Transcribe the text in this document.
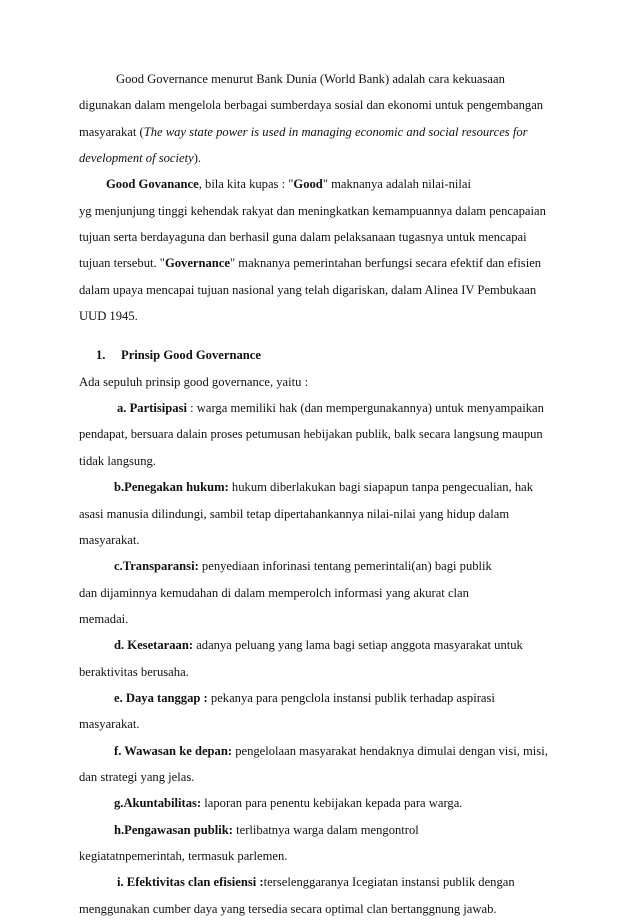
Good Governance menurut Bank Dunia (World Bank) adalah cara kekuasaan
digunakan dalam mengelola berbagai sumberdaya sosial dan ekonomi untuk pengembangan
masyarakat (The way state power is used in managing economic and social resources for
development of society).
Good Govanance, bila kita kupas : "Good" maknanya adalah nilai-nilai
yg menjunjung tinggi kehendak rakyat dan meningkatkan kemampuannya dalam pencapaian
tujuan serta berdayaguna dan berhasil guna dalam pelaksanaan tugasnya untuk mencapai
tujuan tersebut. "Governance" maknanya pemerintahan berfungsi secara efektif dan efisien
dalam upaya mencapai tujuan nasional yang telah digariskan, dalam Alinea IV Pembukaan
UUD 1945.
1. Prinsip Good Governance
Ada sepuluh prinsip good governance, yaitu :
a. Partisipasi : warga memiliki hak (dan mempergunakannya) untuk menyampaikan
pendapat, bersuara dalain proses petumusan hebijakan publik, balk secara langsung maupun
tidak langsung.
b.Penegakan hukum: hukum diberlakukan bagi siapapun tanpa pengecualian, hak
asasi manusia dilindungi, sambil tetap dipertahankannya nilai-nilai yang hidup dalam
masyarakat.
c.Transparansi: penyediaan inforinasi tentang pemerintali(an) bagi publik
dan dijaminnya kemudahan di dalam memperolch informasi yang akurat clan
memadai.
d. Kesetaraan: adanya peluang yang lama bagi setiap anggota masyarakat untuk
beraktivitas berusaha.
e. Daya tanggap : pekanya para pengclola instansi publik terhadap aspirasi
masyarakat.
f. Wawasan ke depan: pengelolaan masyarakat hendaknya dimulai dengan visi, misi,
dan strategi yang jelas.
g.Akuntabilitas: laporan para penentu kebijakan kepada para warga.
h.Pengawasan publik: terlibatnya warga dalam mengontrol
kegiatatnpemerintah, termasuk parlemen.
i. Efektivitas clan efisiensi :terselenggaranya Icegiatan instansi publik dengan
menggunakan cumber daya yang tersedia secara optimal clan bertanggnung jawab.
